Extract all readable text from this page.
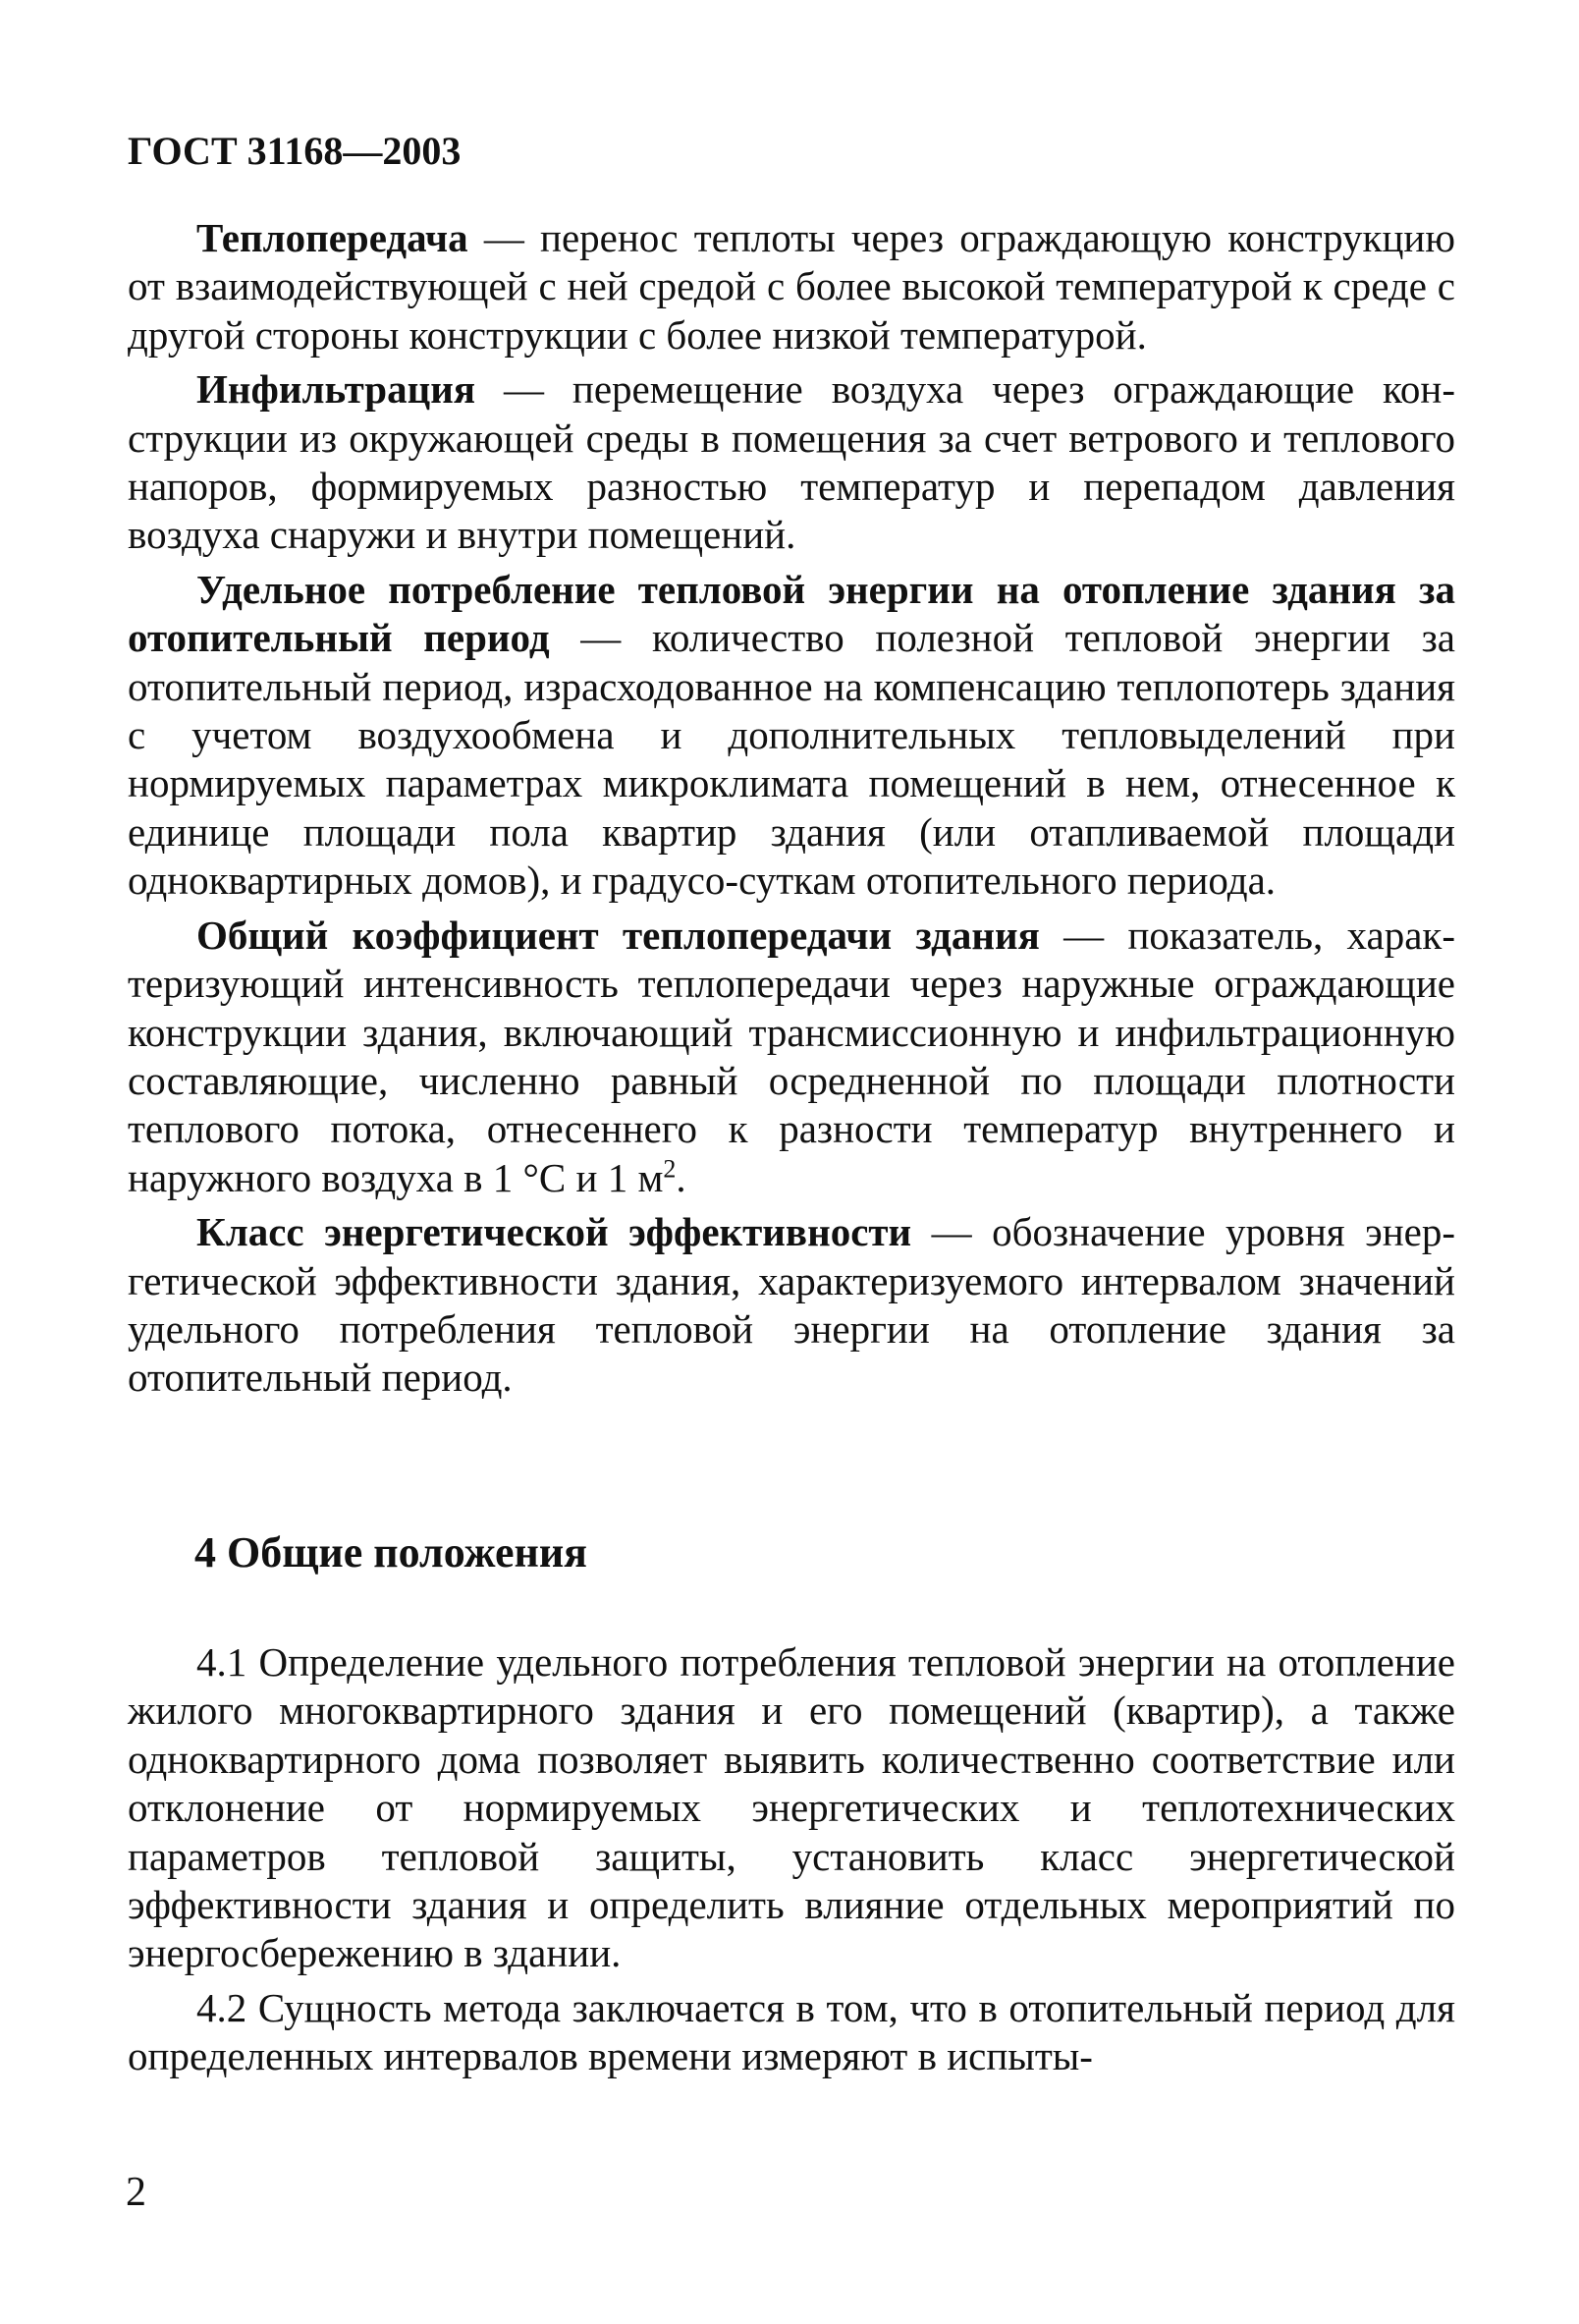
ГОСТ 31168—2003

Теплопередача — перенос теплоты через ограждающую конструкцию от взаимодействующей с ней средой с более высокой температурой к среде с другой стороны конструкции с более низкой температурой.

Инфильтрация — перемещение воздуха через ограждающие конструкции из окружающей среды в помещения за счет ветрового и теплового напоров, формируемых разностью температур и перепадом давления воздуха снаружи и внутри помещений.

Удельное потребление тепловой энергии на отопление здания за отопительный период — количество полезной тепловой энергии за отопительный период, израсходованное на компенсацию теплопотерь здания с учетом воздухообмена и дополнительных тепловыделений при нормируемых параметрах микроклимата помещений в нем, отнесенное к единице площади пола квартир здания (или отапливаемой площади одноквартирных домов), и градусо-суткам отопительного периода.

Общий коэффициент теплопередачи здания — показатель, характеризующий интенсивность теплопередачи через наружные ограждающие конструкции здания, включающий трансмиссионную и инфильтрационную составляющие, численно равный осредненной по площади плотности теплового потока, отнесеннего к разности температур внутреннего и наружного воздуха в 1 °С и 1 $м^2$.

Класс энергетической эффективности — обозначение уровня энергетической эффективности здания, характеризуемого интервалом значений удельного потребления тепловой энергии на отопление здания за отопительный период.

4 Общие положения

4.1 Определение удельного потребления тепловой энергии на отопление жилого многоквартирного здания и его помещений (квартир), а также одноквартирного дома позволяет выявить количественно соответствие или отклонение от нормируемых энергетических и теплотехнических параметров тепловой защиты, установить класс энергетической эффективности здания и определить влияние отдельных мероприятий по энергосбережению в здании.

4.2 Сущность метода заключается в том, что в отопительный период для определенных интервалов времени измеряют в испыты-

2
